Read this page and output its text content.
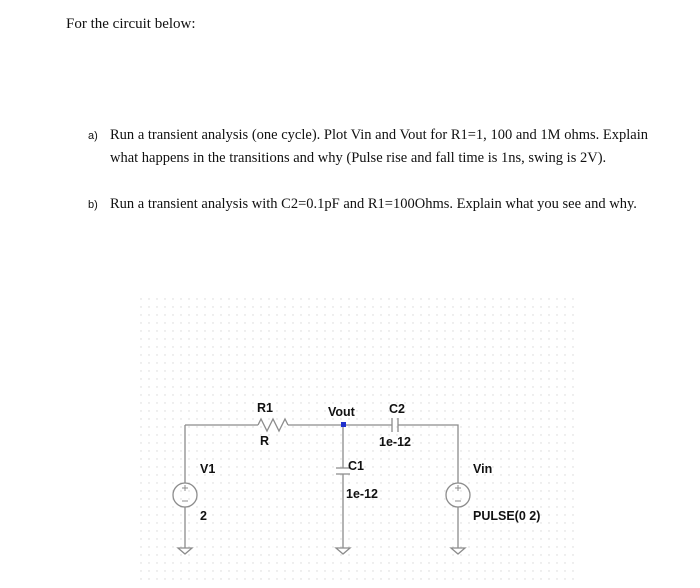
For the circuit below:
a) Run a transient analysis (one cycle). Plot Vin and Vout for R1=1, 100 and 1M ohms. Explain what happens in the transitions and why (Pulse rise and fall time is 1ns, swing is 2V).
b) Run a transient analysis with C2=0.1pF and R1=100Ohms. Explain what you see and why.
R1
R
Vout	C2
1e-12
C1
1e-12
V1
2
Vin
PULSE(0 2)
